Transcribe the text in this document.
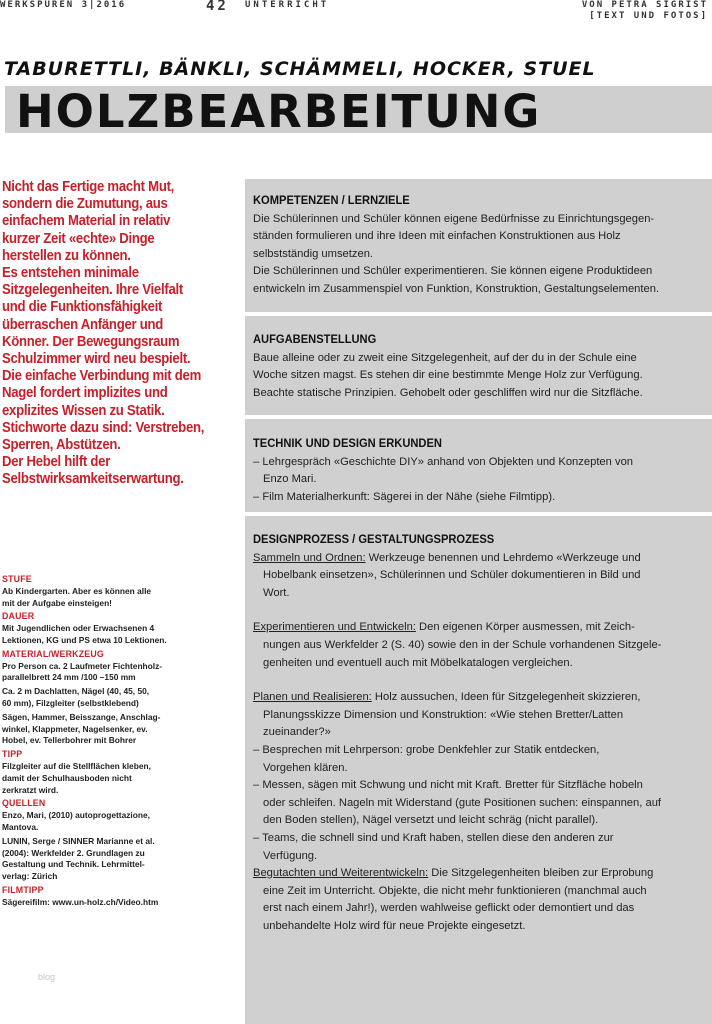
WERKSPUREN 3|2016	42 UNTERRICHT	VON PETRA SIGRIST
[TEXT UND FOTOS]
TABURETTLI, BÄNKLI, SCHÄMMELI, HOCKER, STUEL
HOLZBEARBEITUNG

Nicht das Fertige macht Mut,

sondern die Zumutung, aus

einfachem Material in relativ

kurzer Zeit «echte» Dinge

herstellen zu können.

Es entstehen minimale

Sitzgelegenheiten. Ihre Vielfalt

und die Funktionsfähigkeit

überraschen Anfänger und

Könner. Der Bewegungsraum

Schulzimmer wird neu bespielt.

Die einfache Verbindung mit dem

Nagel fordert implizites und

explizites Wissen zu Statik.

Stichworte dazu sind: Verstreben,

Sperren, Abstützen.

Der Hebel hilft der

Selbstwirksamkeitserwartung.

STUFE

Ab Kindergarten. Aber es können alle
mit der Aufgabe einsteigen!

DAUER

Mit Jugendlichen oder Erwachsenen 4
Lektionen, KG und PS etwa 10 Lektionen.

MATERIAL/WERKZEUG

Pro Person ca. 2 Laufmeter Fichtenholz-
parallelbrett 24 mm /100 –150 mm

Ca. 2 m Dachlatten, Nägel (40, 45, 50,
60 mm), Filzgleiter (selbstklebend)

Sägen, Hammer, Beisszange, Anschlag-
winkel, Klappmeter, Nagelsenker, ev.
Hobel, ev. Tellerbohrer mit Bohrer

TIPP

Filzgleiter auf die Stellflächen kleben,
damit der Schulhausboden nicht
zerkratzt wird.

QUELLEN

Enzo, Mari, (2010) autoprogettazione,
Mantova.

LUNIN, Serge / SINNER Marianne et al.
(2004): Werkfelder 2. Grundlagen zu
Gestaltung und Technik. Lehrmittel-
verlag: Zürich

FILMTIPP

Sägereifilm: www.un-holz.ch/Video.htm

blog
KOMPETENZEN / LERNZIELE

Die Schülerinnen und Schüler können eigene Bedürfnisse zu Einrichtungsgegen-

ständen formulieren und ihre Ideen mit einfachen Konstruktionen aus Holz

selbstständig umsetzen.

Die Schülerinnen und Schüler experimentieren. Sie können eigene Produktideen

entwickeln im Zusammenspiel von Funktion, Konstruktion, Gestaltungselementen.

AUFGABENSTELLUNG

Baue alleine oder zu zweit eine Sitzgelegenheit, auf der du in der Schule eine

Woche sitzen magst. Es stehen dir eine bestimmte Menge Holz zur Verfügung.

Beachte statische Prinzipien. Gehobelt oder geschliffen wird nur die Sitzfläche.

TECHNIK UND DESIGN ERKUNDEN

– Lehrgespräch «Geschichte DIY» anhand von Objekten und Konzepten von

Enzo Mari.

– Film Materialherkunft: Sägerei in der Nähe (siehe Filmtipp).

DESIGNPROZESS / GESTALTUNGSPROZESS

Sammeln und Ordnen: Werkzeuge benennen und Lehrdemo «Werkzeuge und

Hobelbank einsetzen», Schülerinnen und Schüler dokumentieren in Bild und

Wort.

Experimentieren und Entwickeln: Den eigenen Körper ausmessen, mit Zeich-

nungen aus Werkfelder 2 (S. 40) sowie den in der Schule vorhandenen Sitzgele-

genheiten und eventuell auch mit Möbelkatalogen vergleichen.

Planen und Realisieren: Holz aussuchen, Ideen für Sitzgelegenheit skizzieren,

Planungsskizze Dimension und Konstruktion: «Wie stehen Bretter/Latten

zueinander?»

– Besprechen mit Lehrperson: grobe Denkfehler zur Statik entdecken,

Vorgehen klären.

– Messen, sägen mit Schwung und nicht mit Kraft. Bretter für Sitzfläche hobeln

oder schleifen. Nageln mit Widerstand (gute Positionen suchen: einspannen, auf

den Boden stellen), Nägel versetzt und leicht schräg (nicht parallel).

– Teams, die schnell sind und Kraft haben, stellen diese den anderen zur

Verfügung.

Begutachten und Weiterentwickeln: Die Sitzgelegenheiten bleiben zur Erprobung

eine Zeit im Unterricht. Objekte, die nicht mehr funktionieren (manchmal auch

erst nach einem Jahr!), werden wahlweise geflickt oder demontiert und das

unbehandelte Holz wird für neue Projekte eingesetzt.
